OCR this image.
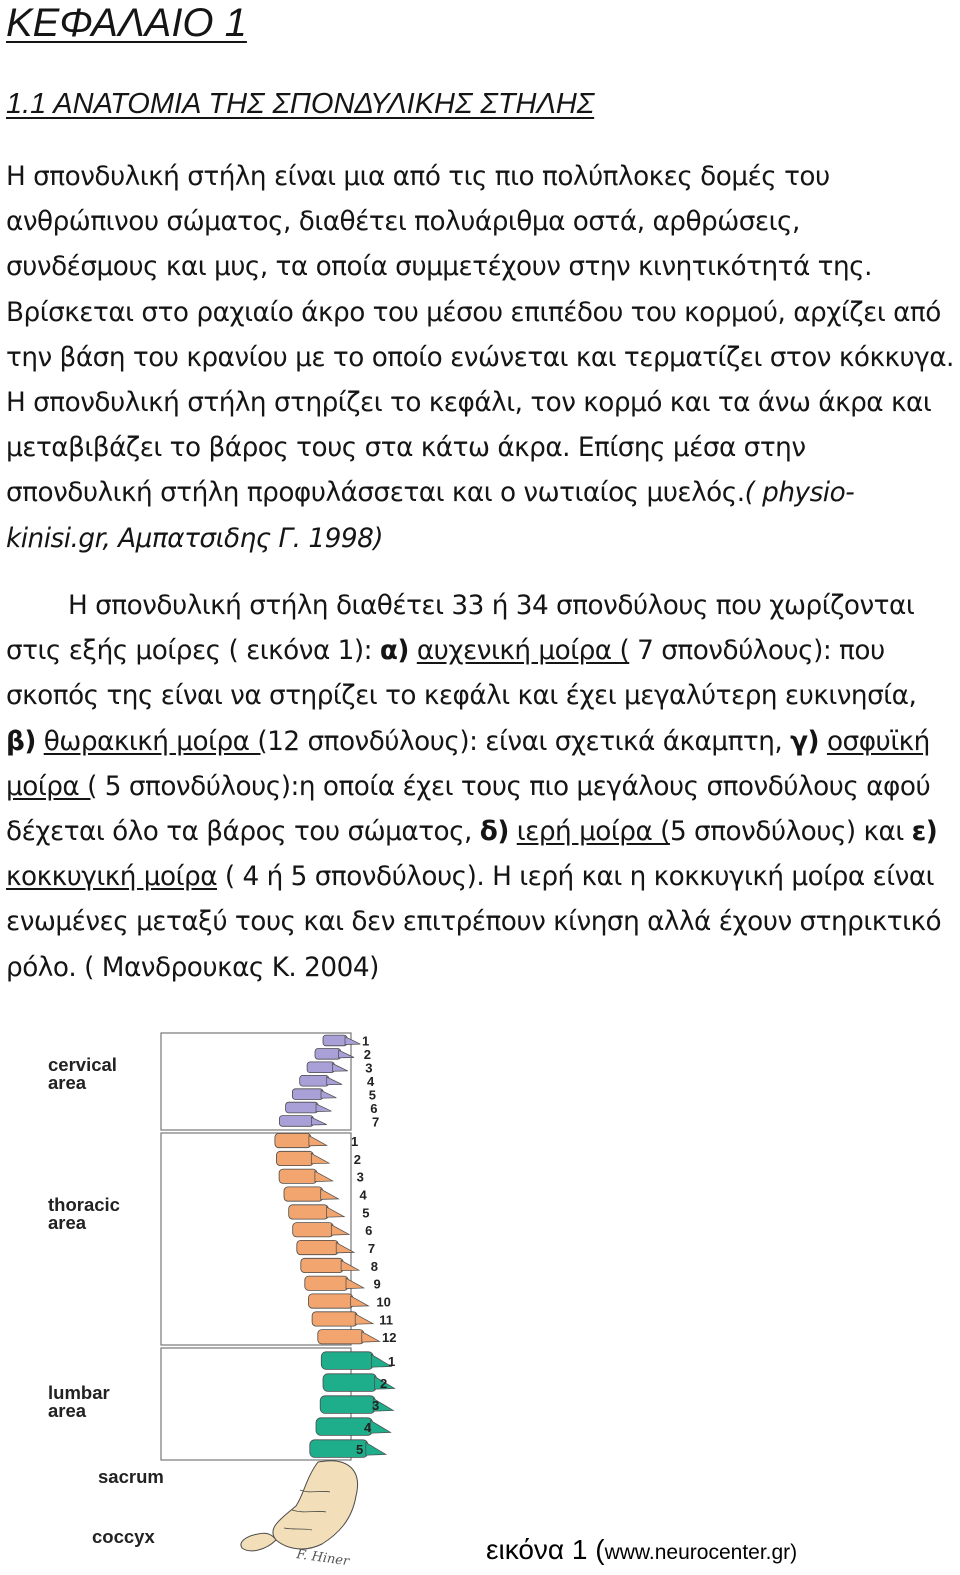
ΚΕΦΑΛΑΙΟ 1
1.1 ΑΝΑΤΟΜΙΑ ΤΗΣ ΣΠΟΝΔΥΛΙΚΗΣ ΣΤΗΛΗΣ

Η σπονδυλική στήλη είναι μια από τις πιο πολύπλοκες δομές του ανθρώπινου σώματος, διαθέτει πολυάριθμα οστά, αρθρώσεις, συνδέσμους και μυς, τα οποία συμμετέχουν στην κινητικότητά της. Βρίσκεται στο ραχιαίο άκρο του μέσου επιπέδου του κορμού, αρχίζει από την βάση του κρανίου με το οποίο ενώνεται και τερματίζει στον κόκκυγα. Η σπονδυλική στήλη στηρίζει το κεφάλι, τον κορμό και τα άνω άκρα και μεταβιβάζει το βάρος τους στα κάτω άκρα. Επίσης μέσα στην σπονδυλική στήλη προφυλάσσεται και ο νωτιαίος μυελός.( physio-kinisi.gr, Αμπατσιδης Γ. 1998)

Η σπονδυλική στήλη διαθέτει 33 ή 34 σπονδύλους που χωρίζονται στις εξής μοίρες ( εικόνα 1): α) αυχενική μοίρα ( 7 σπονδύλους): που σκοπός της είναι να στηρίζει το κεφάλι και έχει μεγαλύτερη ευκινησία, β) θωρακική μοίρα (12 σπονδύλους): είναι σχετικά άκαμπτη, γ) οσφυϊκή μοίρα ( 5 σπονδύλους):η οποία έχει τους πιο μεγάλους σπονδύλους αφού δέχεται όλο τα βάρος του σώματος, δ) ιερή μοίρα (5 σπονδύλους) και ε) κοκκυγική μοίρα ( 4 ή 5 σπονδύλους). Η ιερή και η κοκκυγική μοίρα είναι ενωμένες μεταξύ τους και δεν επιτρέπουν κίνηση αλλά έχουν στηρικτικό ρόλο. ( Μανδρουκας Κ. 2004)

cervical
area
thoracic
area
lumbar
area
sacrum
coccyx
1
2
3
4
5
6
7
1
2
3
4
5
6
7
8
9
10
11
12
1
2
3
4
5
F. Hiner	εικόνα 1 (www.neurocenter.gr)
